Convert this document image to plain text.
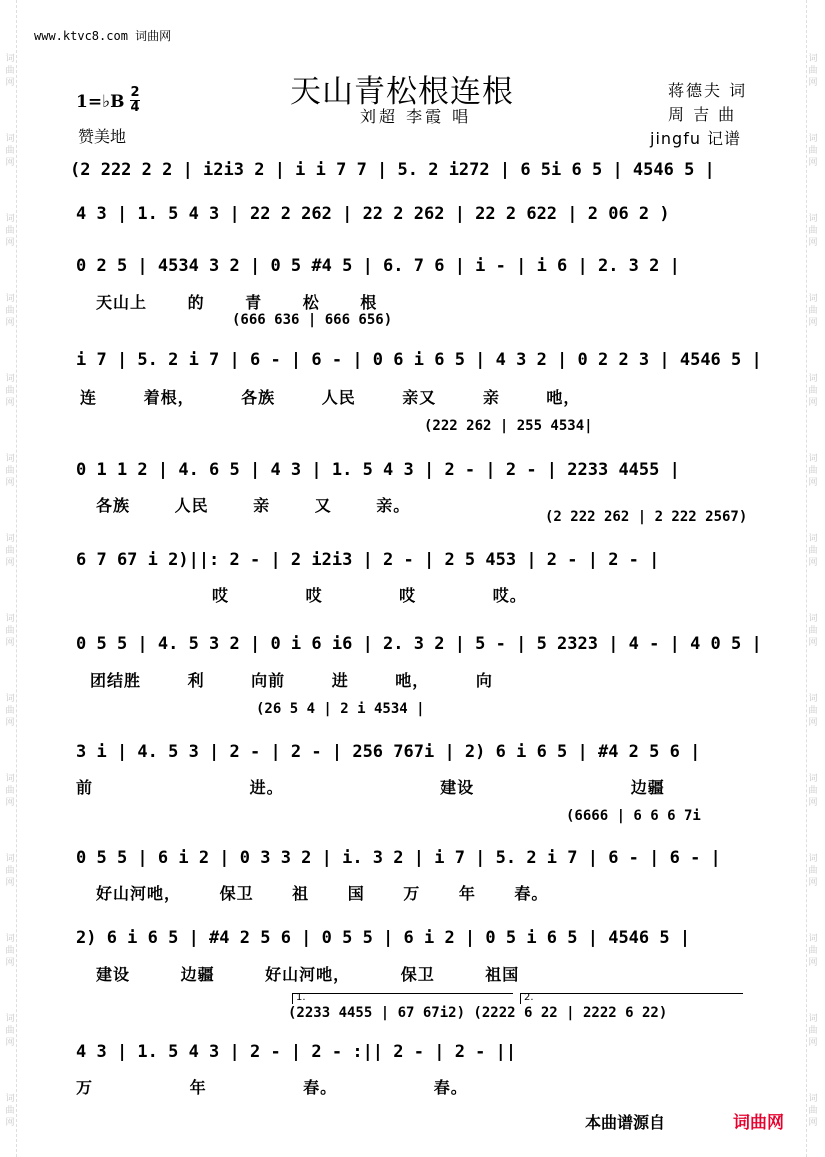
词
曲
网
词
曲
网
词
曲
网
词
曲
网
词
曲
网
词
曲
网
词
曲
网
词
曲
网
词
曲
网
词
曲
网
词
曲
网
词
曲
网
词
曲
网
词
曲
网
词
曲
网
词
曲
网
词
曲
网
词
曲
网
词
曲
网
词
曲
网
词
曲
网
词
曲
网
词
曲
网
词
曲
网
词
曲
网
词
曲
网
词
曲
网
词
曲
网
www.ktvc8.com 词曲网
天山青松根连根
刘超 李霞 唱
1=♭B 2
4
赞美地
蒋德夫 词
周 吉 曲
jingfu 记谱
(2 222 2 2 | i2i3 2 | i i 7 7 | 5. 2 i272 | 6 5i 6 5 | 4546 5 |
4 3 | 1. 5 4 3 | 22 2 262 | 22 2 262 | 22 2 622 | 2 06 2 )
0 2 5 | 4534 3 2 | 0 5 #4 5 | 6. 7 6 | i - | i 6 | 2. 3 2 |
天山上 的 青 松 根
(666 636 | 666 656)
i 7 | 5. 2 i 7 | 6 - | 6 - | 0 6 i 6 5 | 4 3 2 | 0 2 2 3 | 4546 5 |
连 着根， 各族 人民 亲又 亲 吔，
(222 262 | 255 4534|
0 1 1 2 | 4. 6 5 | 4 3 | 1. 5 4 3 | 2 - | 2 - | 2233 4455 |
各族 人民 亲 又 亲。
(2 222 262 | 2 222 2567)
6 7 67 i 2)||: 2 - | 2 i2i3 | 2 - | 2 5 453 | 2 - | 2 - |
哎 哎 哎 哎。
0 5 5 | 4. 5 3 2 | 0 i 6 i6 | 2. 3 2 | 5 - | 5 2323 | 4 - | 4 0 5 |
团结胜 利 向前 进 吔， 向
(26 5 4 | 2 i 4534 |
3 i | 4. 5 3 | 2 - | 2 - | 256 767i | 2) 6 i 6 5 | #4 2 5 6 |
前 进。 建设 边疆
(6666 | 6 6 6 7i
0 5 5 | 6 i 2 | 0 3 3 2 | i. 3 2 | i 7 | 5. 2 i 7 | 6 - | 6 - |
好山河吔， 保卫 祖 国 万 年 春。
2) 6 i 6 5 | #4 2 5 6 | 0 5 5 | 6 i 2 | 0 5 i 6 5 | 4546 5 |
建设 边疆 好山河吔， 保卫 祖国
1.	2.
(2233 4455 | 67 67i2) (2222 6 22 | 2222 6 22)
4 3 | 1. 5 4 3 | 2 - | 2 - :|| 2 - | 2 - ||
万 年 春。 春。
本曲谱源自	词曲网
